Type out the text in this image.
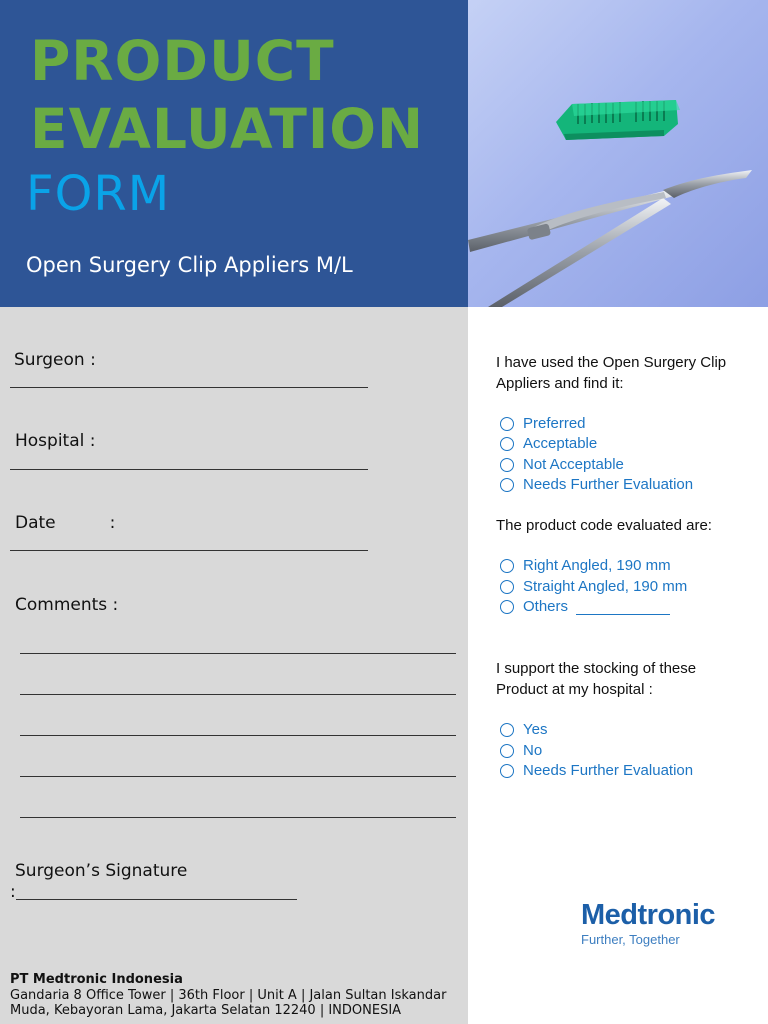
PRODUCT
EVALUATION
FORM
Open Surgery Clip Appliers M/L
Surgeon :
Hospital :
Date          :
Comments :
Surgeon’s Signature
:
PT Medtronic Indonesia
Gandaria 8 Office Tower | 36th Floor | Unit A | Jalan Sultan Iskandar
Muda, Kebayoran Lama, Jakarta Selatan 12240 | INDONESIA
I have used the Open Surgery Clip Appliers and find it:
Preferred
Acceptable
Not Acceptable
Needs Further Evaluation
The product code evaluated are:
Right Angled, 190 mm
Straight Angled, 190 mm
Others
I support the stocking of these Product at my hospital :
Yes
No
Needs Further Evaluation
Medtronic
Further, Together
